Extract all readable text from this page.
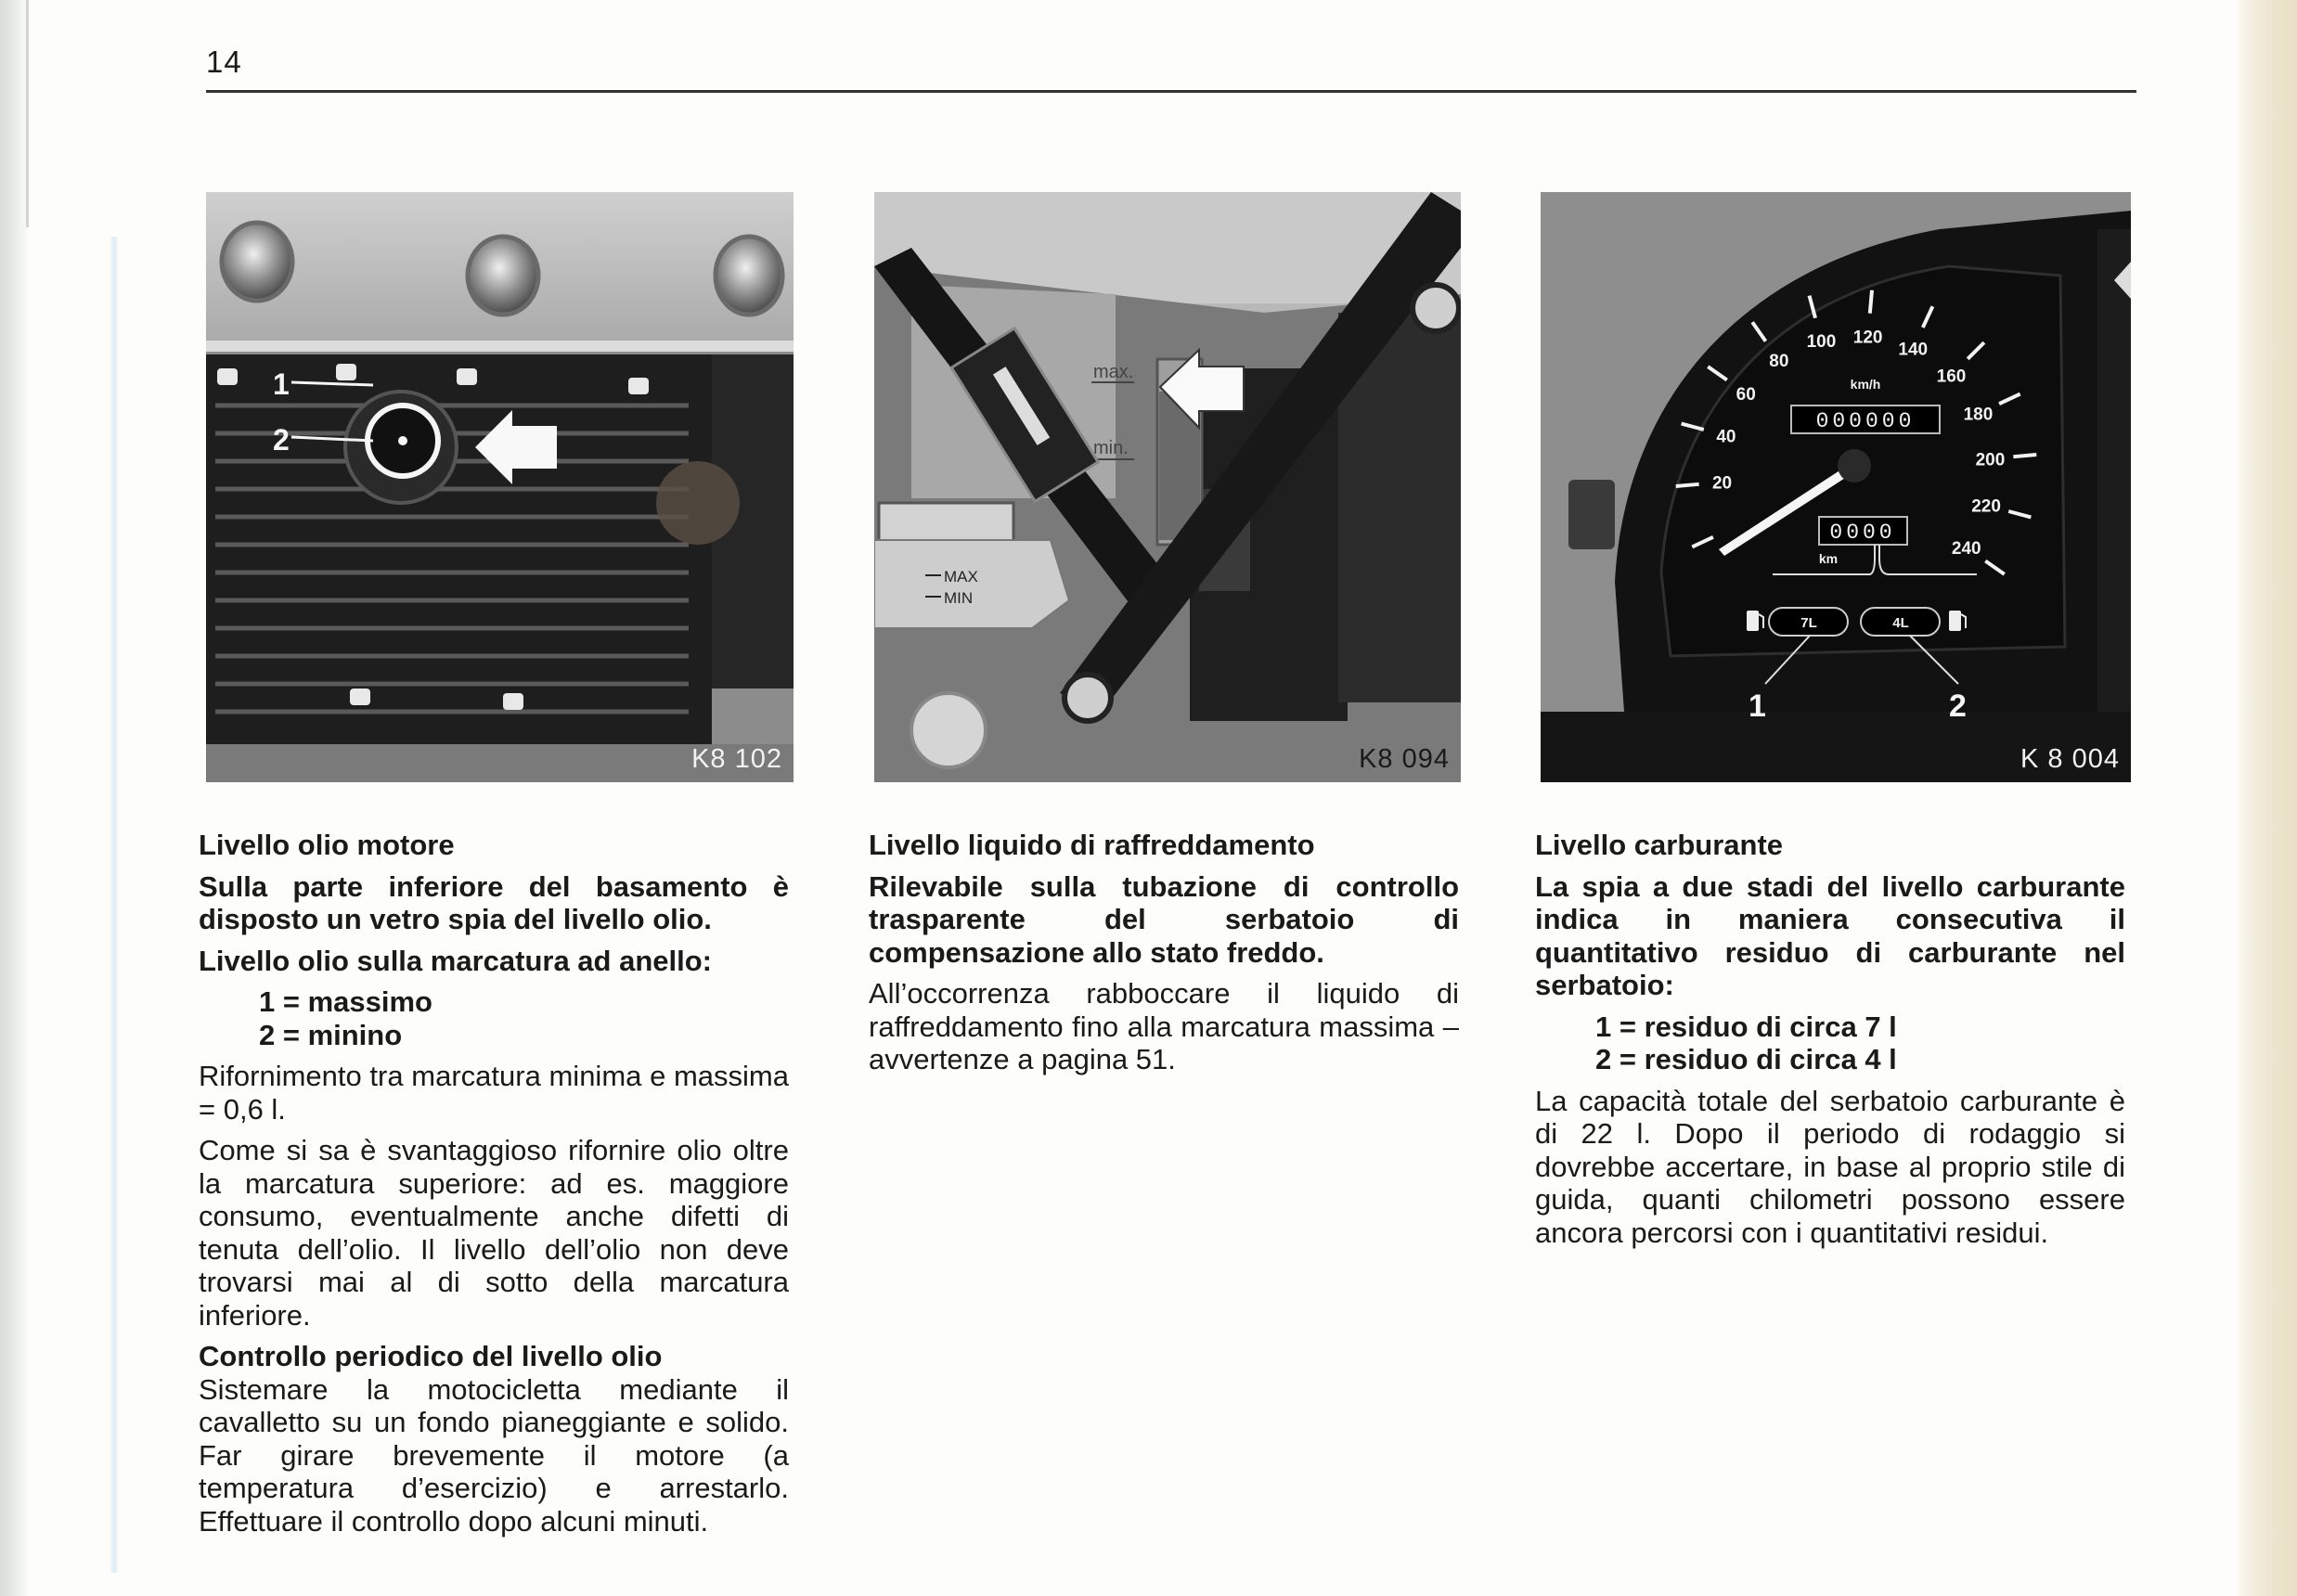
14
1
2
K8 102
max.
min.
MAX
MIN
K8 094
20
40
60
80
100 120
140
160
180
200
220
240
km/h
000000
0000
km
7L	4L
1	2
K 8 004

Livello olio motore

Sulla parte inferiore del basamento è disposto un vetro spia del livello olio.

Livello olio sulla marcatura ad anello:

1 = massimo
2 = minino

Rifornimento tra marcatura minima e massima = 0,6 l.

Come si sa è svantaggioso rifornire olio oltre la marcatura superiore: ad es. maggiore consumo, eventualmente anche difetti di tenuta dell’olio. Il livello dell’olio non deve trovarsi mai al di sotto della marcatura inferiore.

Controllo periodico del livello olio

Sistemare la motocicletta mediante il cavalletto su un fondo pianeggiante e solido. Far girare brevemente il motore (a temperatura d’esercizio) e arrestarlo. Effettuare il controllo dopo alcuni minuti.

Livello liquido di raffreddamento

Rilevabile sulla tubazione di controllo trasparente del serbatoio di compensazione allo stato freddo.

All’occorrenza rabboccare il liquido di raffreddamento fino alla marcatura massima – avvertenze a pagina 51.

Livello carburante

La spia a due stadi del livello carburante indica in maniera consecutiva il quantitativo residuo di carburante nel serbatoio:

1 = residuo di circa 7 l
2 = residuo di circa 4 l

La capacità totale del serbatoio carburante è di 22 l. Dopo il periodo di rodaggio si dovrebbe accertare, in base al proprio stile di guida, quanti chilometri possono essere ancora percorsi con i quantitativi residui.
